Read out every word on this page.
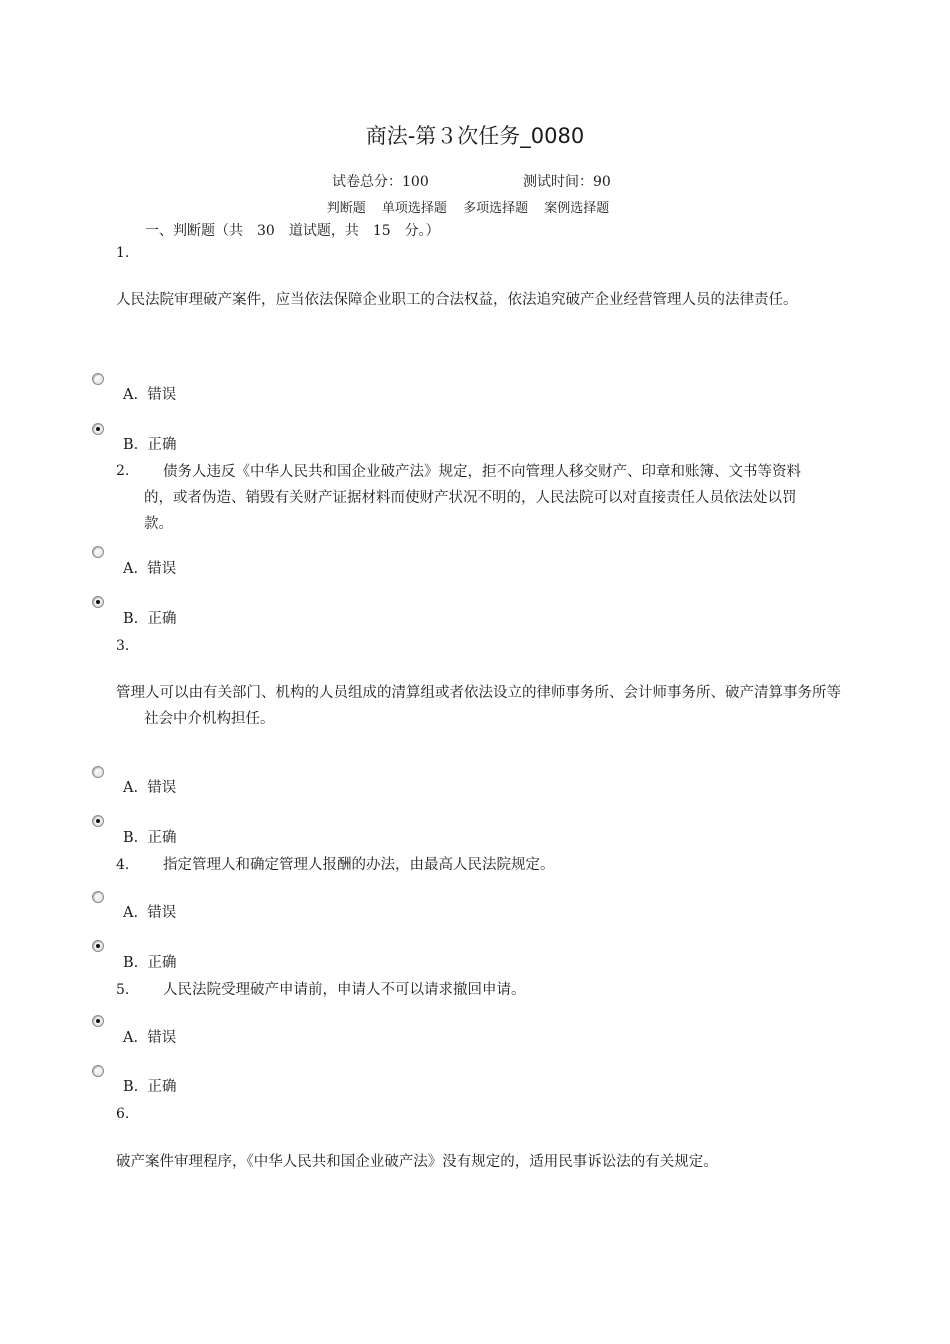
商法-第３次任务_0080
试卷总分：100	测试时间：90
判断题 单项选择题 多项选择题 案例选择题
一、判断题（共　30　道试题，共　15　分。）
1.
人民法院审理破产案件，应当依法保障企业职工的合法权益，依法追究破产企业经营管理人员的法律责任。
A.  错误
B.  正确
2.	债务人违反《中华人民共和国企业破产法》规定，拒不向管理人移交财产、印章和账簿、文书等资料的，或者伪造、销毁有关财产证据材料而使财产状况不明的，人民法院可以对直接责任人员依法处以罚款。
A.  错误
B.  正确
3.
管理人可以由有关部门、机构的人员组成的清算组或者依法设立的律师事务所、会计师事务所、破产清算事务所等社会中介机构担任。
A.  错误
B.  正确
4.	指定管理人和确定管理人报酬的办法，由最高人民法院规定。
A.  错误
B.  正确
5.	人民法院受理破产申请前，申请人不可以请求撤回申请。
A.  错误
B.  正确
6.
破产案件审理程序，《中华人民共和国企业破产法》没有规定的，适用民事诉讼法的有关规定。
